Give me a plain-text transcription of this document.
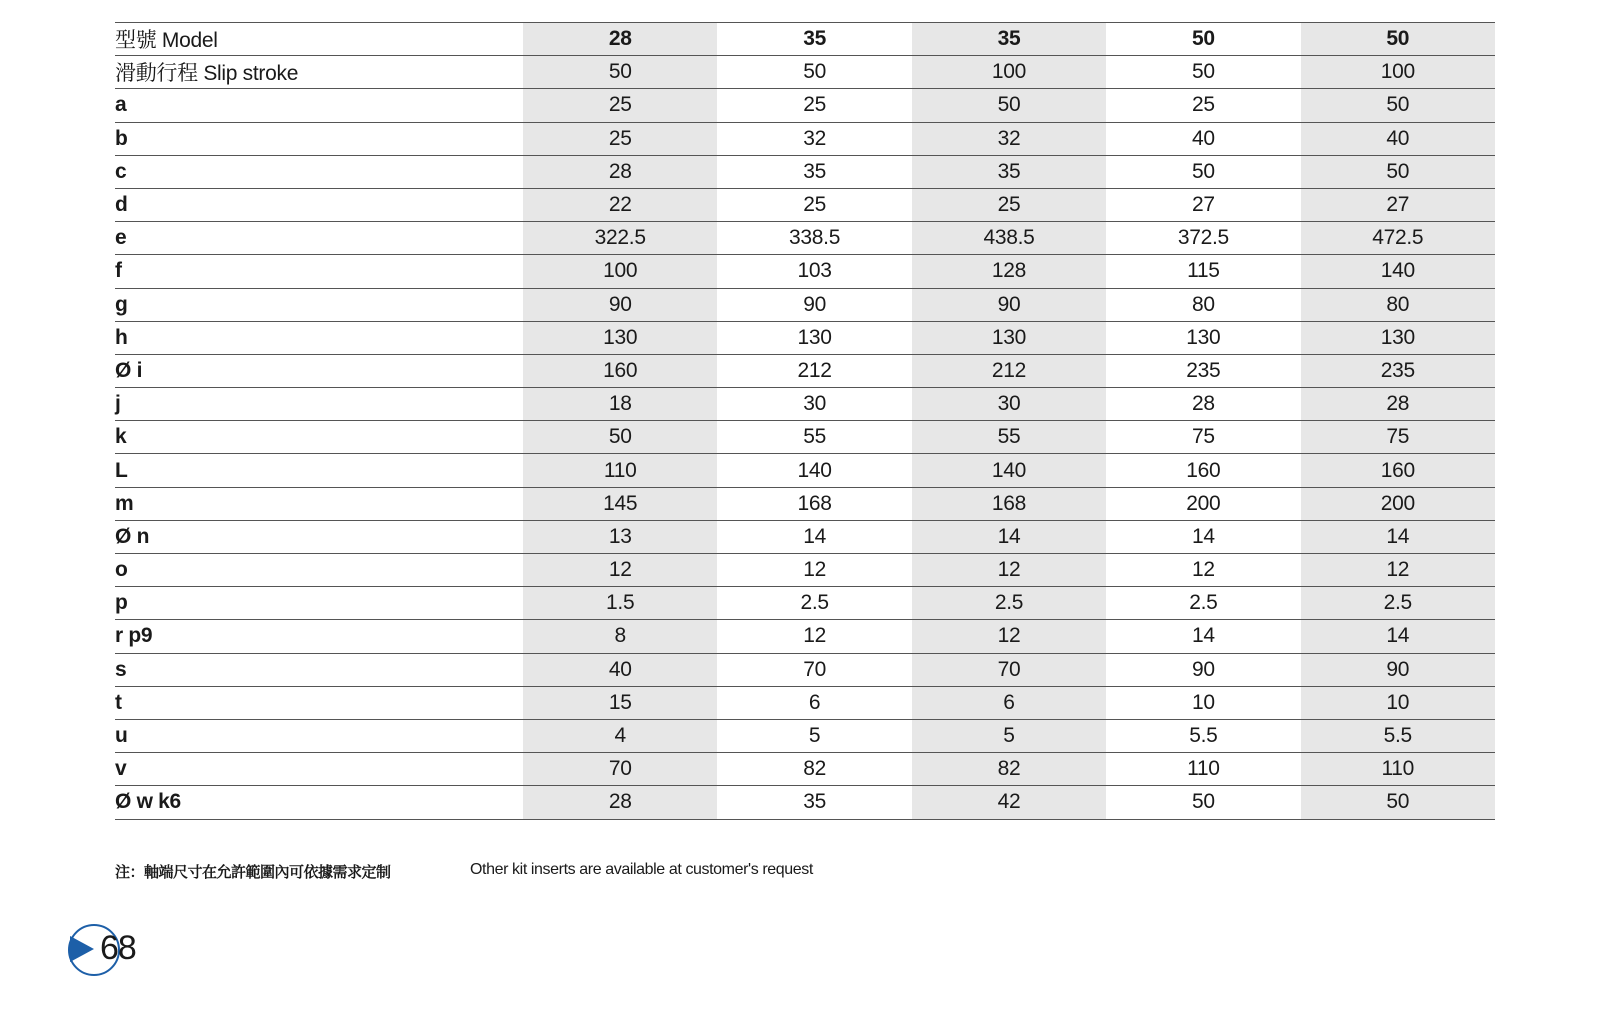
型號 Model	28	35	35	50	50
滑動行程 Slip stroke	50	50	100	50	100
a	25	25	50	25	50
b	25	32	32	40	40
c	28	35	35	50	50
d	22	25	25	27	27
e	322.5	338.5	438.5	372.5	472.5
f	100	103	128	115	140
g	90	90	90	80	80
h	130	130	130	130	130
Ø i	160	212	212	235	235
j	18	30	30	28	28
k	50	55	55	75	75
L	110	140	140	160	160
m	145	168	168	200	200
Ø n	13	14	14	14	14
o	12	12	12	12	12
p	1.5	2.5	2.5	2.5	2.5
r p9	8	12	12	14	14
s	40	70	70	90	90
t	15	6	6	10	10
u	4	5	5	5.5	5.5
v	70	82	82	110	110
Ø w k6	28	35	42	50	50
注：軸端尺寸在允許範圍內可依據需求定制	Other kit inserts are available at customer's request
68
